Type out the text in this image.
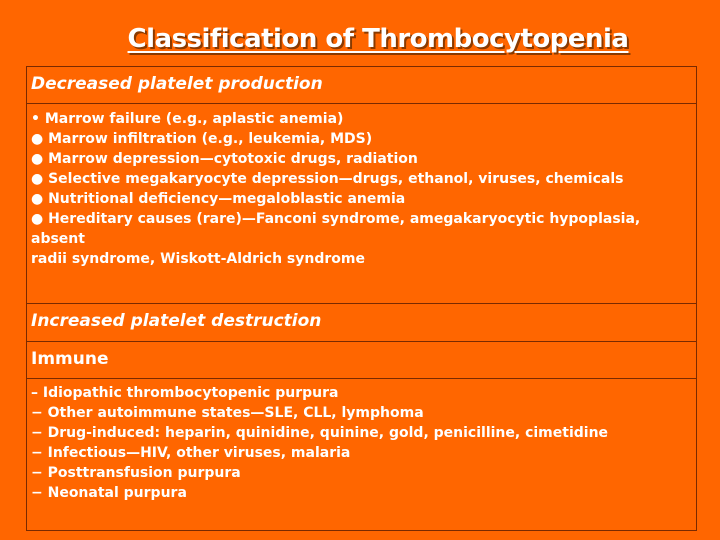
Classification of Thrombocytopenia
Decreased platelet production
• Marrow failure (e.g., aplastic anemia)
● Marrow infiltration (e.g., leukemia, MDS)
● Marrow depression—cytotoxic drugs, radiation
● Selective megakaryocyte depression—drugs, ethanol, viruses, chemicals
● Nutritional deficiency—megaloblastic anemia
● Hereditary causes (rare)—Fanconi syndrome, amegakaryocytic hypoplasia,
absent
radii syndrome, Wiskott-Aldrich syndrome
Increased platelet destruction
Immune
– Idiopathic thrombocytopenic purpura
− Other autoimmune states—SLE, CLL, lymphoma
− Drug-induced: heparin, quinidine, quinine, gold, penicilline, cimetidine
− Infectious—HIV, other viruses, malaria
− Posttransfusion purpura
− Neonatal purpura
